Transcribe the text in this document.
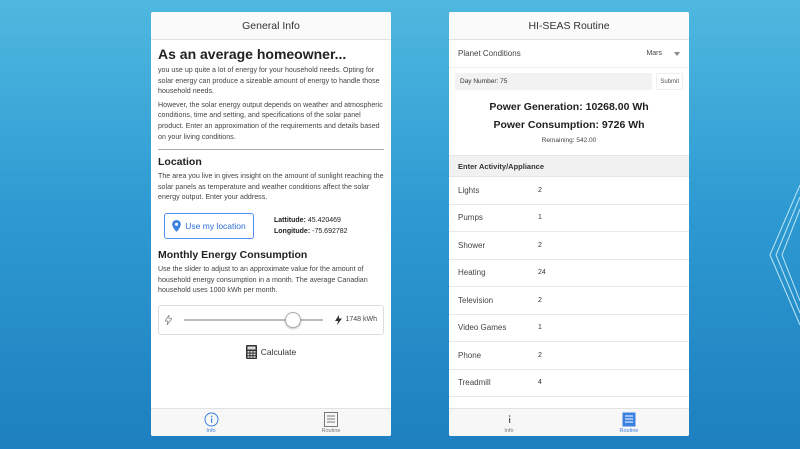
General Info
As an average homeowner...
you use up quite a lot of energy for your household needs. Opting for solar energy can produce a sizeable amount of energy to handle those household needs.
However, the solar energy output depends on weather and atmospheric conditions, time and setting, and specifications of the solar panel product. Enter an approximation of the requirements and details based on your living conditions.
Location
The area you live in gives insight on the amount of sunlight reaching the solar panels as temperature and weather conditions affect the solar energy output. Enter your address.
Use my location
Lattitude: 45.420469
Longitude: -75.692782
Monthly Energy Consumption
Use the slider to adjust to an approximate value for the amount of household energy consumption in a month. The average Canadian household uses 1000 kWh per month.
1748 kWh
Calculate
Info	Routine
HI-SEAS Routine
Planet Conditions	Mars
Day Number: 75
Submit
Power Generation: 10268.00 Wh
Power Consumption: 9726 Wh
Remaining: 542.00
Enter Activity/Appliance
Lights	2
Pumps	1
Shower	2
Heating	24
Television	2
Video Games	1
Phone	2
Treadmill	4
Info	Routine
